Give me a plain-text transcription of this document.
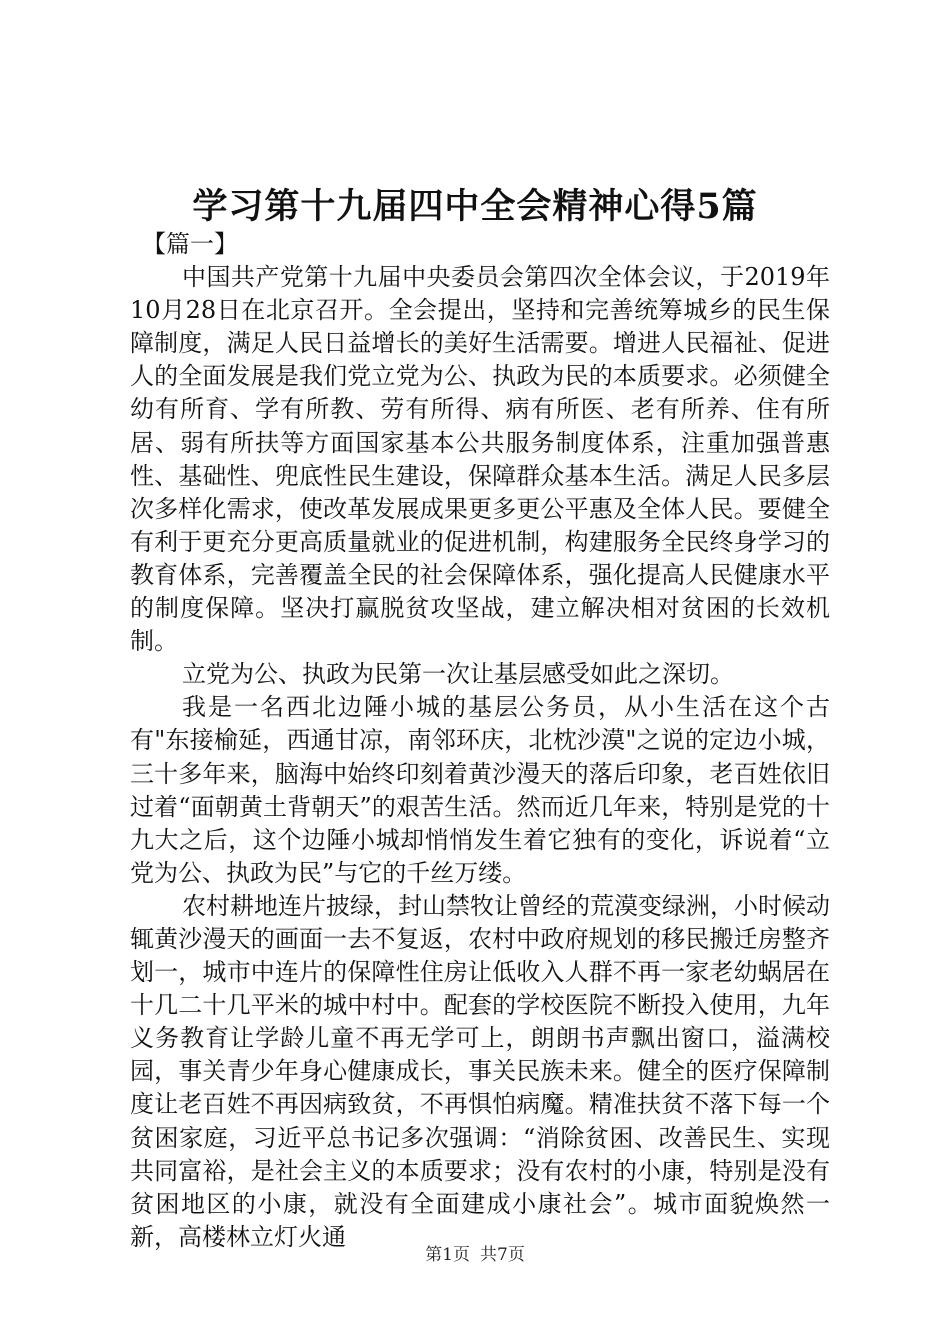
学习第十九届四中全会精神心得5篇

【篇一】

中国共产党第十九届中央委员会第四次全体会议，于2019年10月28日在北京召开。全会提出，坚持和完善统筹城乡的民生保障制度，满足人民日益增长的美好生活需要。增进人民福祉、促进人的全面发展是我们党立党为公、执政为民的本质要求。必须健全幼有所育、学有所教、劳有所得、病有所医、老有所养、住有所居、弱有所扶等方面国家基本公共服务制度体系，注重加强普惠性、基础性、兜底性民生建设，保障群众基本生活。满足人民多层次多样化需求，使改革发展成果更多更公平惠及全体人民。要健全有利于更充分更高质量就业的促进机制，构建服务全民终身学习的教育体系，完善覆盖全民的社会保障体系，强化提高人民健康水平的制度保障。坚决打赢脱贫攻坚战，建立解决相对贫困的长效机制。

立党为公、执政为民第一次让基层感受如此之深切。

我是一名西北边陲小城的基层公务员，从小生活在这个古有"东接榆延，西通甘凉，南邻环庆，北枕沙漠"之说的定边小城，三十多年来，脑海中始终印刻着黄沙漫天的落后印象，老百姓依旧过着“面朝黄土背朝天”的艰苦生活。然而近几年来，特别是党的十九大之后，这个边陲小城却悄悄发生着它独有的变化，诉说着“立党为公、执政为民”与它的千丝万缕。

农村耕地连片披绿，封山禁牧让曾经的荒漠变绿洲，小时候动辄黄沙漫天的画面一去不复返，农村中政府规划的移民搬迁房整齐划一，城市中连片的保障性住房让低收入人群不再一家老幼蜗居在十几二十几平米的城中村中。配套的学校医院不断投入使用，九年义务教育让学龄儿童不再无学可上，朗朗书声飘出窗口，溢满校园，事关青少年身心健康成长，事关民族未来。健全的医疗保障制度让老百姓不再因病致贫，不再惧怕病魔。精准扶贫不落下每一个贫困家庭，习近平总书记多次强调：“消除贫困、改善民生、实现共同富裕，是社会主义的本质要求；没有农村的小康，特别是没有贫困地区的小康，就没有全面建成小康社会”。城市面貌焕然一新，高楼林立灯火通

第1页 共7页
